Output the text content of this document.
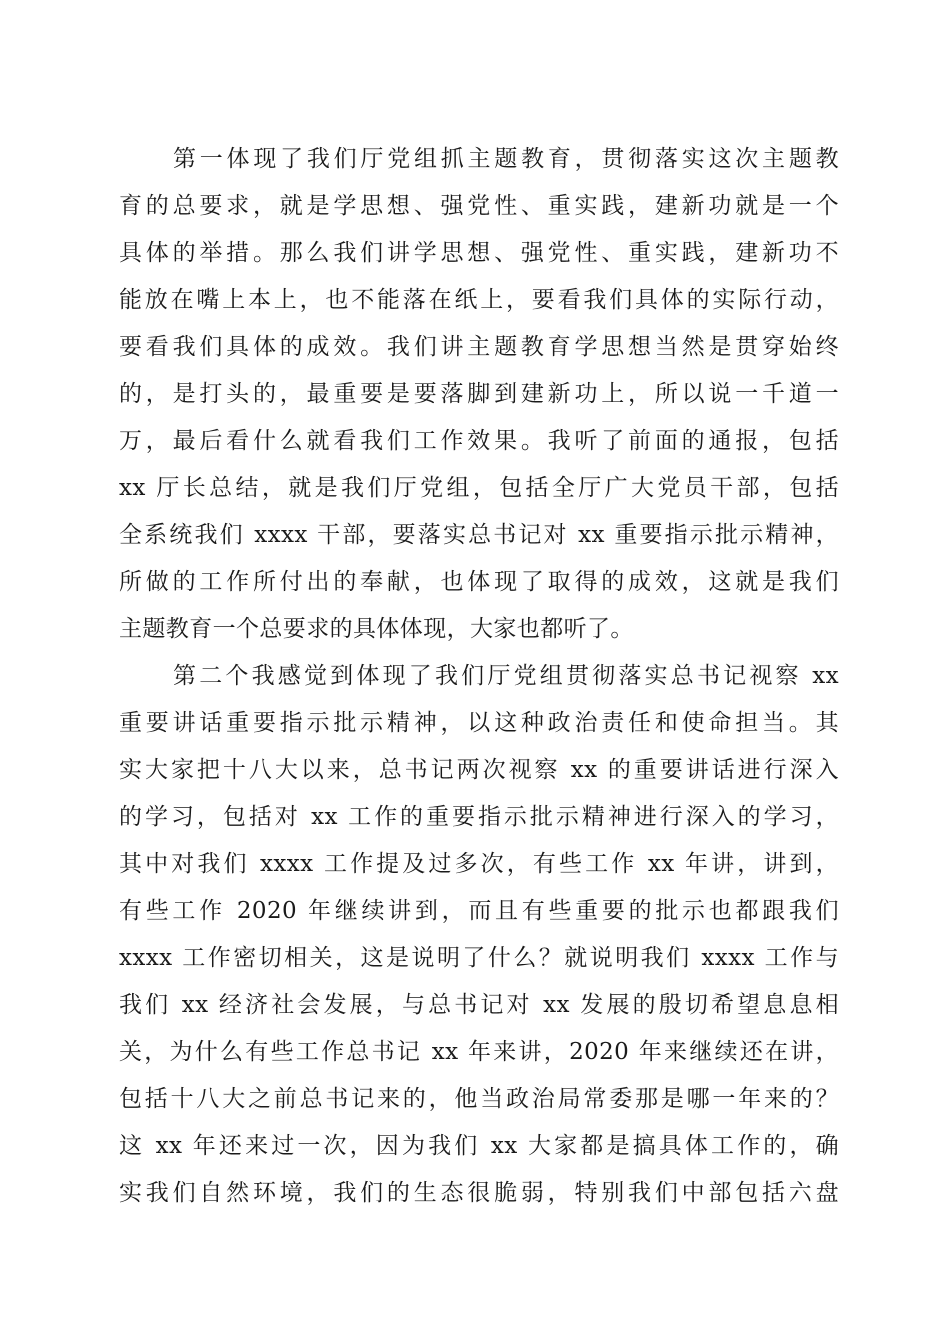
第一体现了我们厅党组抓主题教育，贯彻落实这次主题教
育的总要求，就是学思想、强党性、重实践，建新功就是一个
具体的举措。那么我们讲学思想、强党性、重实践，建新功不
能放在嘴上本上，也不能落在纸上，要看我们具体的实际行动，
要看我们具体的成效。我们讲主题教育学思想当然是贯穿始终
的，是打头的，最重要是要落脚到建新功上，所以说一千道一
万，最后看什么就看我们工作效果。我听了前面的通报，包括
xx 厅长总结，就是我们厅党组，包括全厅广大党员干部，包括
全系统我们 xxxx 干部，要落实总书记对 xx 重要指示批示精神，
所做的工作所付出的奉献，也体现了取得的成效，这就是我们
主题教育一个总要求的具体体现，大家也都听了。
第二个我感觉到体现了我们厅党组贯彻落实总书记视察 xx
重要讲话重要指示批示精神，以这种政治责任和使命担当。其
实大家把十八大以来，总书记两次视察 xx 的重要讲话进行深入
的学习，包括对 xx 工作的重要指示批示精神进行深入的学习，
其中对我们 xxxx 工作提及过多次，有些工作 xx 年讲，讲到，
有些工作 2020 年继续讲到，而且有些重要的批示也都跟我们
xxxx 工作密切相关，这是说明了什么？就说明我们 xxxx 工作与
我们 xx 经济社会发展，与总书记对 xx 发展的殷切希望息息相
关，为什么有些工作总书记 xx 年来讲，2020 年来继续还在讲，
包括十八大之前总书记来的，他当政治局常委那是哪一年来的？
这 xx 年还来过一次，因为我们 xx 大家都是搞具体工作的，确
实我们自然环境，我们的生态很脆弱，特别我们中部包括六盘
